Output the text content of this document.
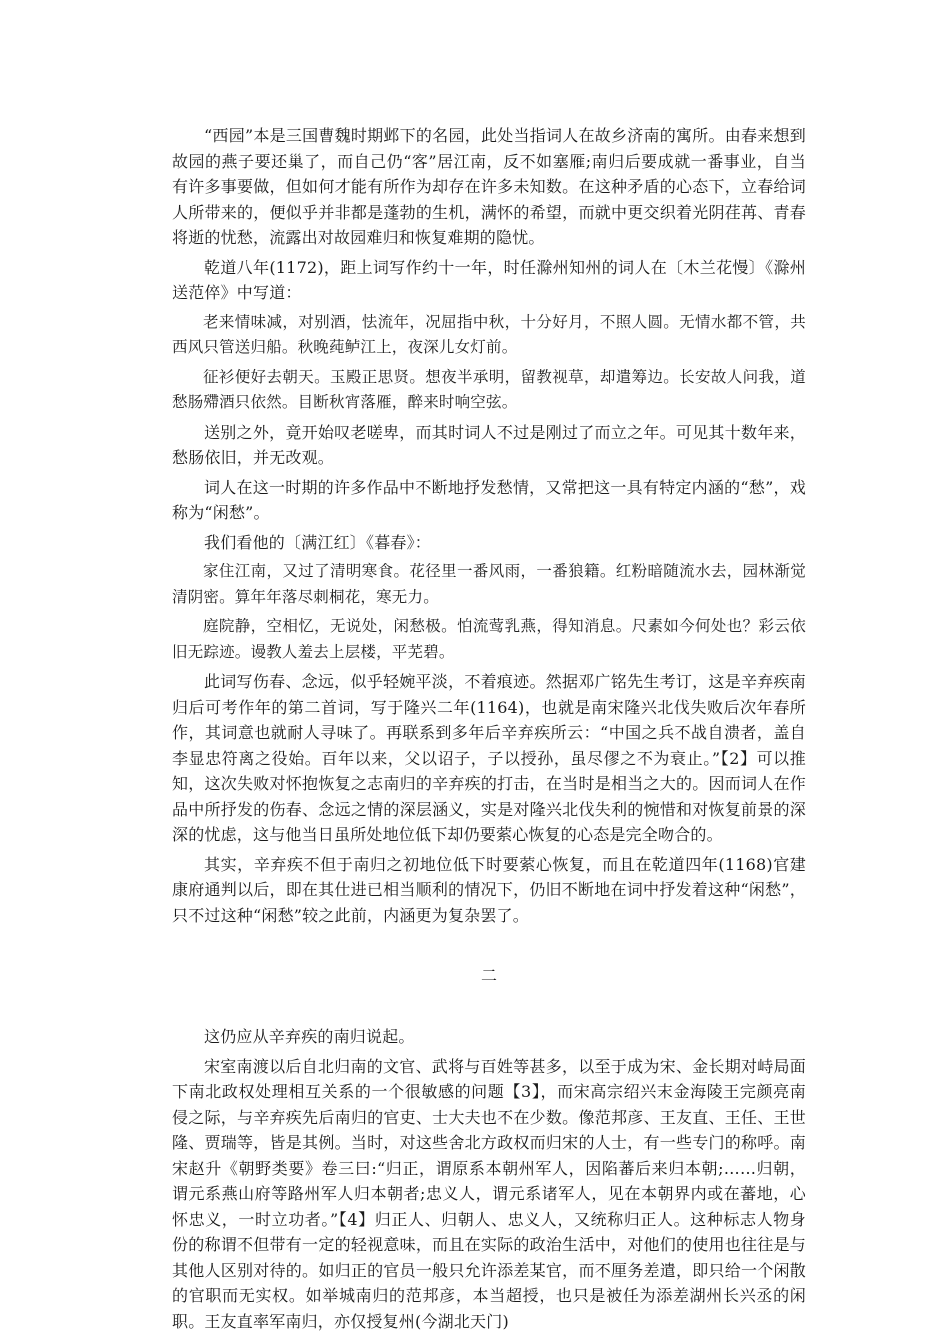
“西园”本是三国曹魏时期邺下的名园，此处当指词人在故乡济南的寓所。由春来想到故园的燕子要还巢了，而自己仍“客”居江南，反不如塞雁;南归后要成就一番事业，自当有许多事要做，但如何才能有所作为却存在许多未知数。在这种矛盾的心态下，立春给词人所带来的，便似乎并非都是蓬勃的生机，满怀的希望，而就中更交织着光阴荏苒、青春将逝的忧愁，流露出对故园难归和恢复难期的隐忧。

乾道八年(1172)，距上词写作约十一年，时任滁州知州的词人在〔木兰花慢〕《滁州送范倅》中写道：

老来情味减，对别酒，怯流年，况屈指中秋，十分好月，不照人圆。无情水都不管，共西风只管送归船。秋晚莼鲈江上，夜深儿女灯前。

征衫便好去朝天。玉殿正思贤。想夜半承明，留教视草，却遣筹边。长安故人问我，道愁肠殢酒只依然。目断秋宵落雁，醉来时响空弦。

送别之外，竟开始叹老嗟卑，而其时词人不过是刚过了而立之年。可见其十数年来，愁肠依旧，并无改观。

词人在这一时期的许多作品中不断地抒发愁情，又常把这一具有特定内涵的“愁”，戏称为“闲愁”。

我们看他的〔满江红〕《暮春》：

家住江南，又过了清明寒食。花径里一番风雨，一番狼籍。红粉暗随流水去，园林渐觉清阴密。算年年落尽刺桐花，寒无力。

庭院静，空相忆，无说处，闲愁极。怕流莺乳燕，得知消息。尺素如今何处也？彩云依旧无踪迹。谩教人羞去上层楼，平芜碧。

此词写伤春、念远，似乎轻婉平淡，不着痕迹。然据邓广铭先生考订，这是辛弃疾南归后可考作年的第二首词，写于隆兴二年(1164)，也就是南宋隆兴北伐失败后次年春所作，其词意也就耐人寻味了。再联系到多年后辛弃疾所云：“中国之兵不战自溃者，盖自李显忠符离之役始。百年以来，父以诏子，子以授孙，虽尽僇之不为衰止。”【2】可以推知，这次失败对怀抱恢复之志南归的辛弃疾的打击，在当时是相当之大的。因而词人在作品中所抒发的伤春、念远之情的深层涵义，实是对隆兴北伐失利的惋惜和对恢复前景的深深的忧虑，这与他当日虽所处地位低下却仍要萦心恢复的心态是完全吻合的。

其实，辛弃疾不但于南归之初地位低下时要萦心恢复，而且在乾道四年(1168)官建康府通判以后，即在其仕进已相当顺利的情况下，仍旧不断地在词中抒发着这种“闲愁”，只不过这种“闲愁”较之此前，内涵更为复杂罢了。

二

这仍应从辛弃疾的南归说起。

宋室南渡以后自北归南的文官、武将与百姓等甚多，以至于成为宋、金长期对峙局面下南北政权处理相互关系的一个很敏感的问题【3】，而宋高宗绍兴末金海陵王完颜亮南侵之际，与辛弃疾先后南归的官吏、士大夫也不在少数。像范邦彦、王友直、王任、王世隆、贾瑞等，皆是其例。当时，对这些舍北方政权而归宋的人士，有一些专门的称呼。南宋赵升《朝野类要》卷三曰:“归正，谓原系本朝州军人，因陷蕃后来归本朝;……归朝，谓元系燕山府等路州军人归本朝者;忠义人，谓元系诸军人，见在本朝界内或在蕃地，心怀忠义，一时立功者。”【4】归正人、归朝人、忠义人，又统称归正人。这种标志人物身份的称谓不但带有一定的轻视意味，而且在实际的政治生活中，对他们的使用也往往是与其他人区别对待的。如归正的官员一般只允许添差某官，而不厘务差遣，即只给一个闲散的官职而无实权。如举城南归的范邦彦，本当超授，也只是被任为添差湖州长兴丞的闲职。王友直率军南归，亦仅授复州(今湖北天门)
